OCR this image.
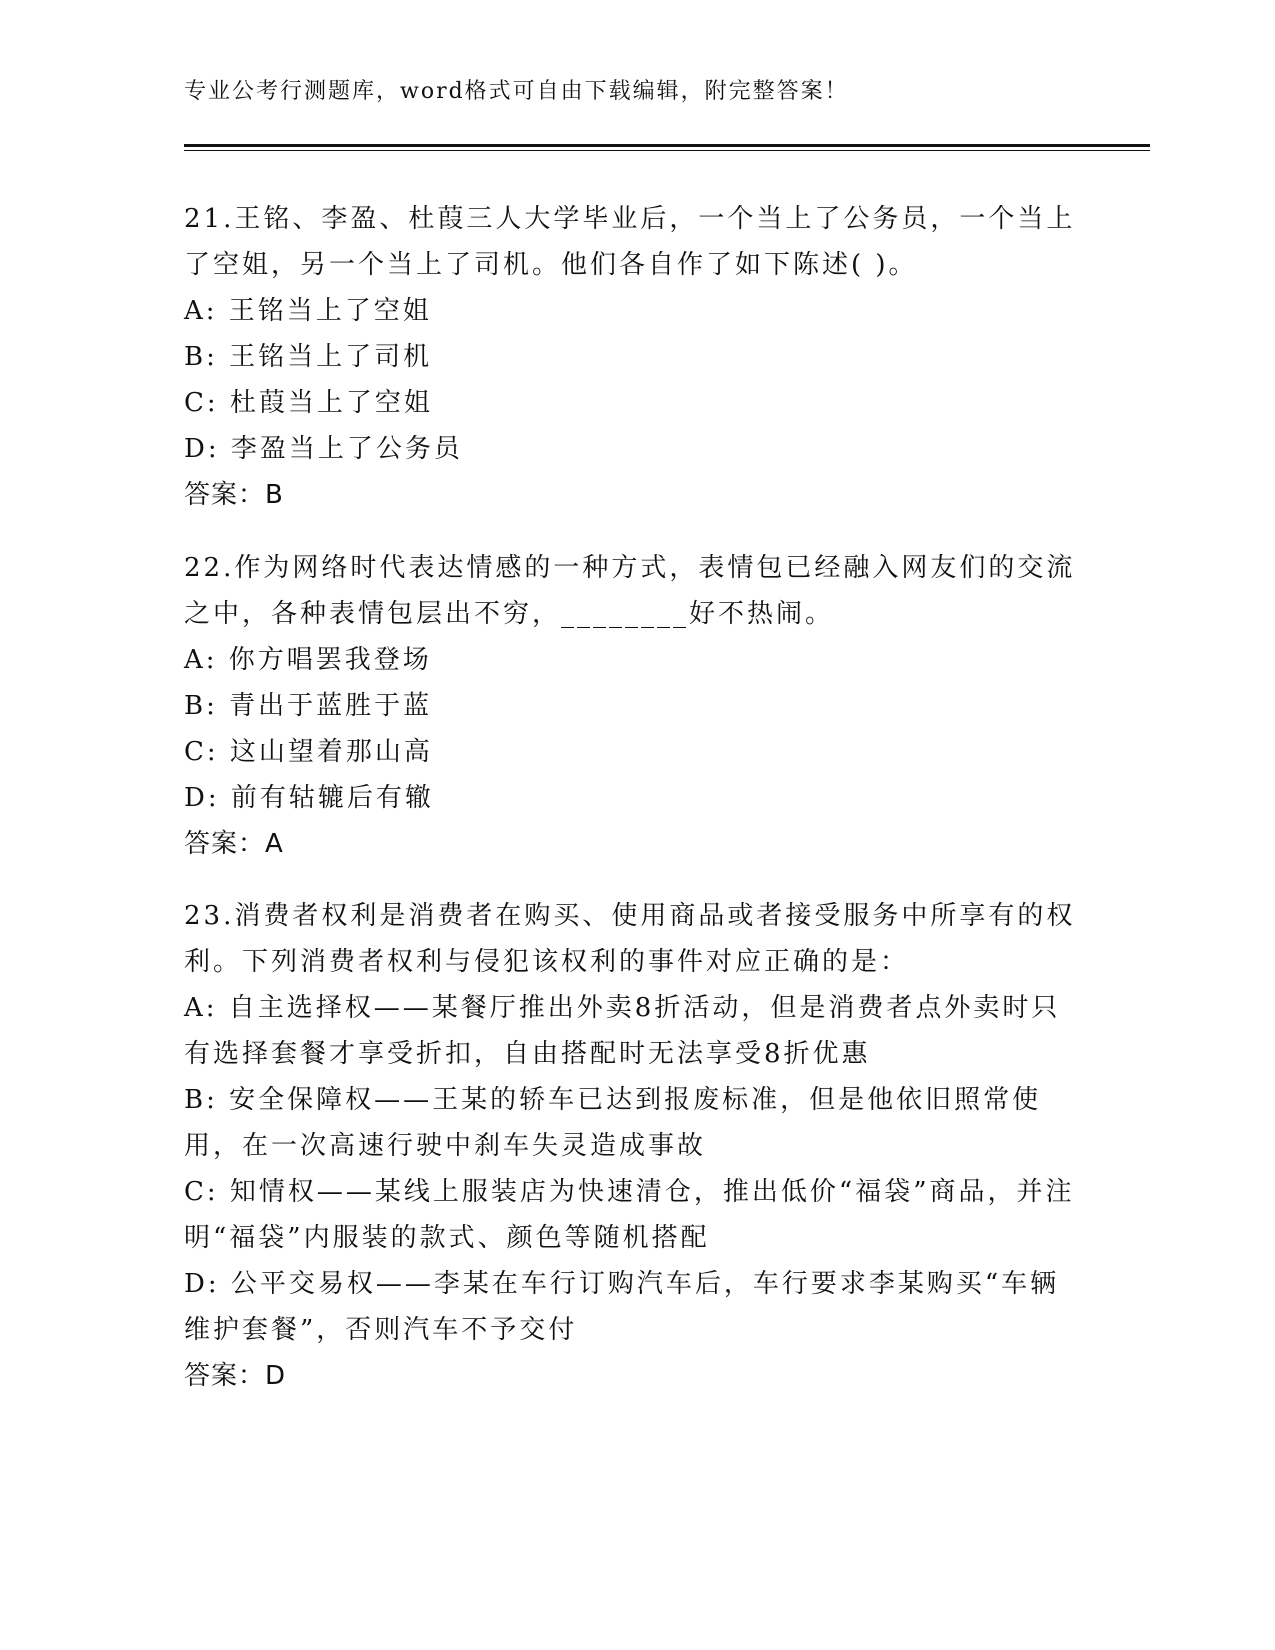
专业公考行测题库，word格式可自由下载编辑，附完整答案！

21.王铭、李盈、杜葭三人大学毕业后，一个当上了公务员，一个当上了空姐，另一个当上了司机。他们各自作了如下陈述( )。

A: 王铭当上了空姐

B: 王铭当上了司机

C: 杜葭当上了空姐

D: 李盈当上了公务员

答案：B

22.作为网络时代表达情感的一种方式，表情包已经融入网友们的交流之中，各种表情包层出不穷，________好不热闹。

A: 你方唱罢我登场

B: 青出于蓝胜于蓝

C: 这山望着那山高

D: 前有轱辘后有辙

答案：A

23.消费者权利是消费者在购买、使用商品或者接受服务中所享有的权利。下列消费者权利与侵犯该权利的事件对应正确的是：

A: 自主选择权——某餐厅推出外卖8折活动，但是消费者点外卖时只有选择套餐才享受折扣，自由搭配时无法享受8折优惠

B: 安全保障权——王某的轿车已达到报废标准，但是他依旧照常使用，在一次高速行驶中刹车失灵造成事故

C: 知情权——某线上服装店为快速清仓，推出低价“福袋”商品，并注明“福袋”内服装的款式、颜色等随机搭配

D: 公平交易权——李某在车行订购汽车后，车行要求李某购买“车辆维护套餐”，否则汽车不予交付

答案：D
